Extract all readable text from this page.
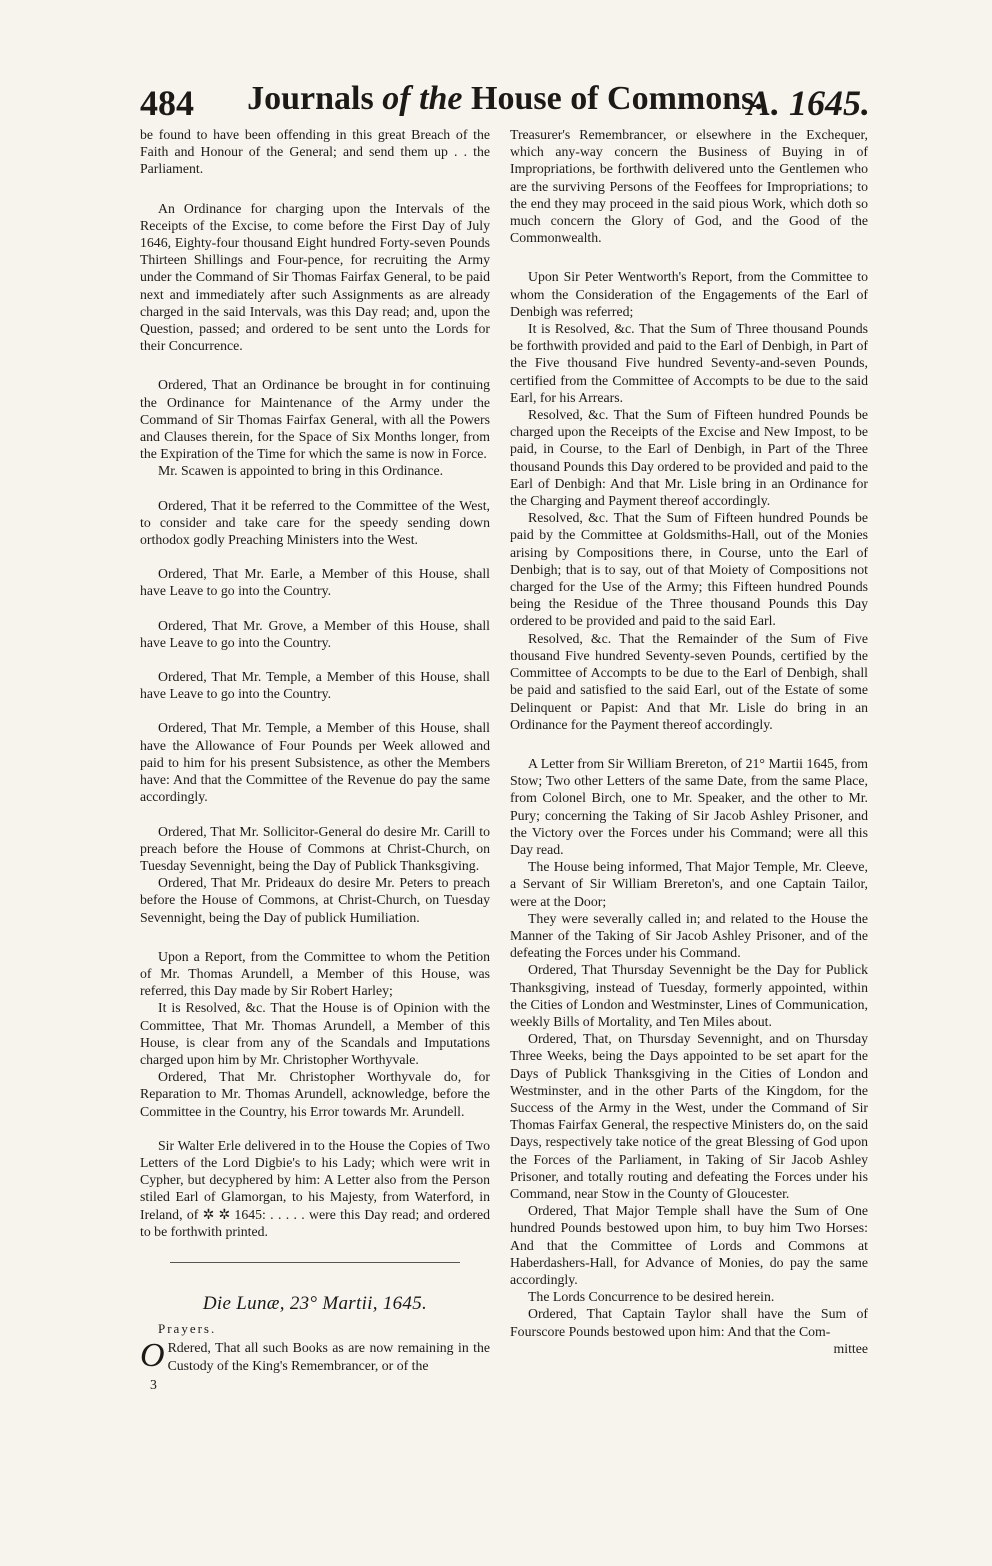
484	Journals of the House of Commons.
A. 1645.

be found to have been offending in this great Breach of the Faith and Honour of the General; and send them up . . the Parliament.

An Ordinance for charging upon the Intervals of the Receipts of the Excise, to come before the First Day of July 1646, Eighty-four thousand Eight hundred Forty-seven Pounds Thirteen Shillings and Four-pence, for recruiting the Army under the Command of Sir Thomas Fairfax General, to be paid next and immediately after such Assignments as are already charged in the said Intervals, was this Day read; and, upon the Question, passed; and ordered to be sent unto the Lords for their Concurrence.

Ordered, That an Ordinance be brought in for continuing the Ordinance for Maintenance of the Army under the Command of Sir Thomas Fairfax General, with all the Powers and Clauses therein, for the Space of Six Months longer, from the Expiration of the Time for which the same is now in Force.

Mr. Scawen is appointed to bring in this Ordinance.

Ordered, That it be referred to the Committee of the West, to consider and take care for the speedy sending down orthodox godly Preaching Ministers into the West.

Ordered, That Mr. Earle, a Member of this House, shall have Leave to go into the Country.

Ordered, That Mr. Grove, a Member of this House, shall have Leave to go into the Country.

Ordered, That Mr. Temple, a Member of this House, shall have Leave to go into the Country.

Ordered, That Mr. Temple, a Member of this House, shall have the Allowance of Four Pounds per Week allowed and paid to him for his present Subsistence, as other the Members have: And that the Committee of the Revenue do pay the same accordingly.

Ordered, That Mr. Sollicitor-General do desire Mr. Carill to preach before the House of Commons at Christ-Church, on Tuesday Sevennight, being the Day of Publick Thanksgiving.

Ordered, That Mr. Prideaux do desire Mr. Peters to preach before the House of Commons, at Christ-Church, on Tuesday Sevennight, being the Day of publick Humiliation.

Upon a Report, from the Committee to whom the Petition of Mr. Thomas Arundell, a Member of this House, was referred, this Day made by Sir Robert Harley;

It is Resolved, &c. That the House is of Opinion with the Committee, That Mr. Thomas Arundell, a Member of this House, is clear from any of the Scandals and Imputations charged upon him by Mr. Christopher Worthyvale.

Ordered, That Mr. Christopher Worthyvale do, for Reparation to Mr. Thomas Arundell, acknowledge, before the Committee in the Country, his Error towards Mr. Arundell.

Sir Walter Erle delivered in to the House the Copies of Two Letters of the Lord Digbie's to his Lady; which were writ in Cypher, but decyphered by him: A Letter also from the Person stiled Earl of Glamorgan, to his Majesty, from Waterford, in Ireland, of ✲ ✲ 1645: . . . . . were this Day read; and ordered to be forthwith printed.

Die Lunæ, 23° Martii, 1645.

Prayers.

O Rdered, That all such Books as are now remaining in the Custody of the King's Remembrancer, or of the

3

Treasurer's Remembrancer, or elsewhere in the Exchequer, which any-way concern the Business of Buying in of Impropriations, be forthwith delivered unto the Gentlemen who are the surviving Persons of the Feoffees for Impropriations; to the end they may proceed in the said pious Work, which doth so much concern the Glory of God, and the Good of the Commonwealth.

Upon Sir Peter Wentworth's Report, from the Committee to whom the Consideration of the Engagements of the Earl of Denbigh was referred;

It is Resolved, &c. That the Sum of Three thousand Pounds be forthwith provided and paid to the Earl of Denbigh, in Part of the Five thousand Five hundred Seventy-and-seven Pounds, certified from the Committee of Accompts to be due to the said Earl, for his Arrears.

Resolved, &c. That the Sum of Fifteen hundred Pounds be charged upon the Receipts of the Excise and New Impost, to be paid, in Course, to the Earl of Denbigh, in Part of the Three thousand Pounds this Day ordered to be provided and paid to the Earl of Denbigh: And that Mr. Lisle bring in an Ordinance for the Charging and Payment thereof accordingly.

Resolved, &c. That the Sum of Fifteen hundred Pounds be paid by the Committee at Goldsmiths-Hall, out of the Monies arising by Compositions there, in Course, unto the Earl of Denbigh; that is to say, out of that Moiety of Compositions not charged for the Use of the Army; this Fifteen hundred Pounds being the Residue of the Three thousand Pounds this Day ordered to be provided and paid to the said Earl.

Resolved, &c. That the Remainder of the Sum of Five thousand Five hundred Seventy-seven Pounds, certified by the Committee of Accompts to be due to the Earl of Denbigh, shall be paid and satisfied to the said Earl, out of the Estate of some Delinquent or Papist: And that Mr. Lisle do bring in an Ordinance for the Payment thereof accordingly.

A Letter from Sir William Brereton, of 21° Martii 1645, from Stow; Two other Letters of the same Date, from the same Place, from Colonel Birch, one to Mr. Speaker, and the other to Mr. Pury; concerning the Taking of Sir Jacob Ashley Prisoner, and the Victory over the Forces under his Command; were all this Day read.

The House being informed, That Major Temple, Mr. Cleeve, a Servant of Sir William Brereton's, and one Captain Tailor, were at the Door;

They were severally called in; and related to the House the Manner of the Taking of Sir Jacob Ashley Prisoner, and of the defeating the Forces under his Command.

Ordered, That Thursday Sevennight be the Day for Publick Thanksgiving, instead of Tuesday, formerly appointed, within the Cities of London and Westminster, Lines of Communication, weekly Bills of Mortality, and Ten Miles about.

Ordered, That, on Thursday Sevennight, and on Thursday Three Weeks, being the Days appointed to be set apart for the Days of Publick Thanksgiving in the Cities of London and Westminster, and in the other Parts of the Kingdom, for the Success of the Army in the West, under the Command of Sir Thomas Fairfax General, the respective Ministers do, on the said Days, respectively take notice of the great Blessing of God upon the Forces of the Parliament, in Taking of Sir Jacob Ashley Prisoner, and totally routing and defeating the Forces under his Command, near Stow in the County of Gloucester.

Ordered, That Major Temple shall have the Sum of One hundred Pounds bestowed upon him, to buy him Two Horses: And that the Committee of Lords and Commons at Haberdashers-Hall, for Advance of Monies, do pay the same accordingly.

The Lords Concurrence to be desired herein.

Ordered, That Captain Taylor shall have the Sum of Fourscore Pounds bestowed upon him: And that the Com-

mittee
